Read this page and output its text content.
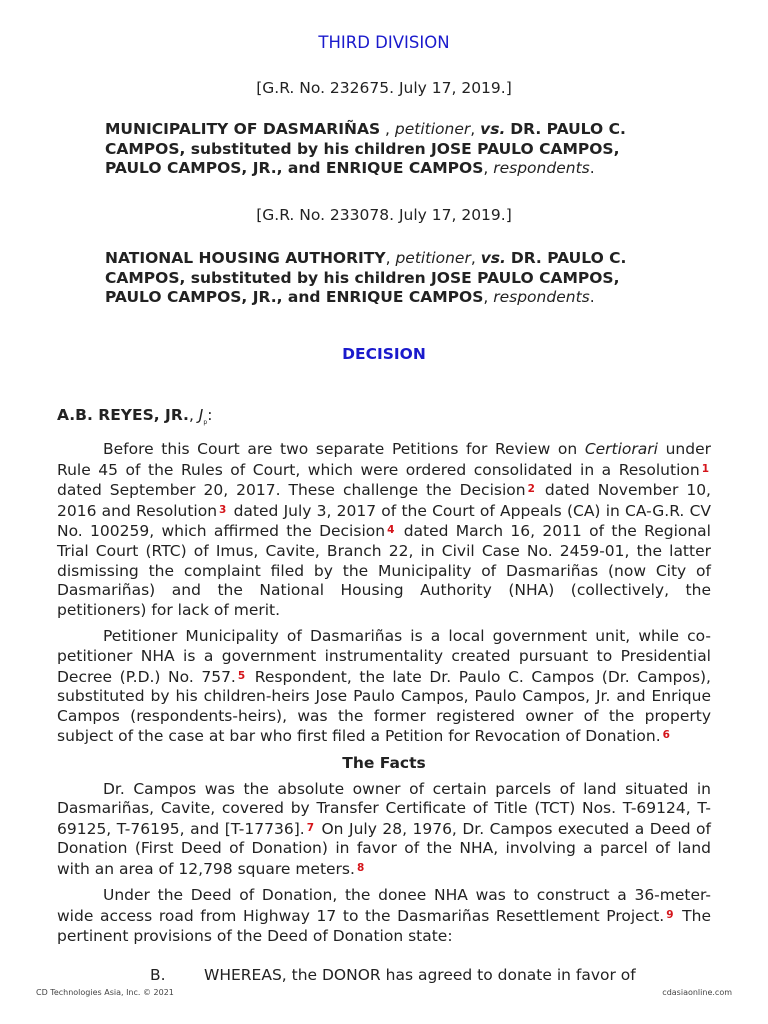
THIRD DIVISION
[G.R. No. 232675. July 17, 2019.]
MUNICIPALITY OF DASMARIÑAS , petitioner, vs. DR. PAULO C. CAMPOS, substituted by his children JOSE PAULO CAMPOS, PAULO CAMPOS, JR., and ENRIQUE CAMPOS, respondents.
[G.R. No. 233078. July 17, 2019.]
NATIONAL HOUSING AUTHORITY, petitioner, vs. DR. PAULO C. CAMPOS, substituted by his children JOSE PAULO CAMPOS, PAULO CAMPOS, JR., and ENRIQUE CAMPOS, respondents.
DECISION
A.B. REYES, JR., $J_p$:

Before this Court are two separate Petitions for Review on Certiorari under Rule 45 of the Rules of Court, which were ordered consolidated in a Resolution 1 dated September 20, 2017. These challenge the Decision 2 dated November 10, 2016 and Resolution 3 dated July 3, 2017 of the Court of Appeals (CA) in CA-G.R. CV No. 100259, which affirmed the Decision 4 dated March 16, 2011 of the Regional Trial Court (RTC) of Imus, Cavite, Branch 22, in Civil Case No. 2459-01, the latter dismissing the complaint filed by the Municipality of Dasmariñas (now City of Dasmariñas) and the National Housing Authority (NHA) (collectively, the petitioners) for lack of merit.

Petitioner Municipality of Dasmariñas is a local government unit, while co-petitioner NHA is a government instrumentality created pursuant to Presidential Decree (P.D.) No. 757. 5 Respondent, the late Dr. Paulo C. Campos (Dr. Campos), substituted by his children-heirs Jose Paulo Campos, Paulo Campos, Jr. and Enrique Campos (respondents-heirs), was the former registered owner of the property subject of the case at bar who first filed a Petition for Revocation of Donation. 6

The Facts

Dr. Campos was the absolute owner of certain parcels of land situated in Dasmariñas, Cavite, covered by Transfer Certificate of Title (TCT) Nos. T-69124, T-69125, T-76195, and [T-17736]. 7 On July 28, 1976, Dr. Campos executed a Deed of Donation (First Deed of Donation) in favor of the NHA, involving a parcel of land with an area of 12,798 square meters. 8

Under the Deed of Donation, the donee NHA was to construct a 36-meter-wide access road from Highway 17 to the Dasmariñas Resettlement Project. 9 The pertinent provisions of the Deed of Donation state:

B. WHEREAS, the DONOR has agreed to donate in favor of
CD Technologies Asia, Inc. © 2021	cdasiaonline.com
